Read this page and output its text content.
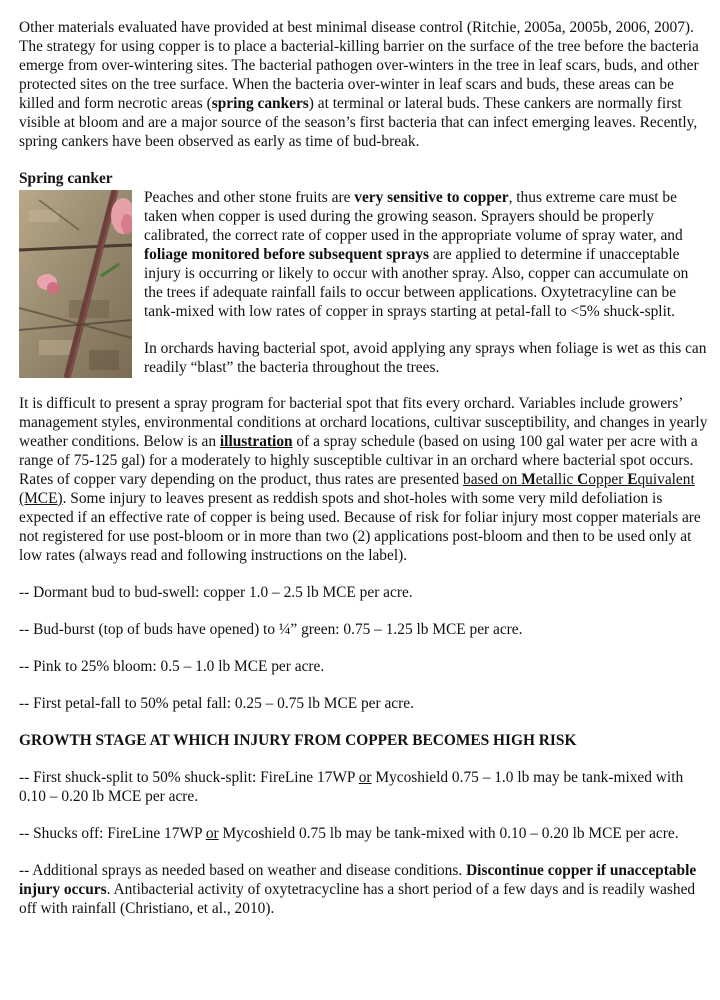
Other materials evaluated have provided at best minimal disease control (Ritchie, 2005a, 2005b, 2006, 2007). The strategy for using copper is to place a bacterial-killing barrier on the surface of the tree before the bacteria emerge from over-wintering sites. The bacterial pathogen over-winters in the tree in leaf scars, buds, and other protected sites on the tree surface. When the bacteria over-winter in leaf scars and buds, these areas can be killed and form necrotic areas (spring cankers) at terminal or lateral buds. These cankers are normally first visible at bloom and are a major source of the season’s first bacteria that can infect emerging leaves. Recently, spring cankers have been observed as early as time of bud-break.

Spring canker

Peaches and other stone fruits are very sensitive to copper, thus extreme care must be taken when copper is used during the growing season. Sprayers should be properly calibrated, the correct rate of copper used in the appropriate volume of spray water, and foliage monitored before subsequent sprays are applied to determine if unacceptable injury is occurring or likely to occur with another spray. Also, copper can accumulate on the trees if adequate rainfall fails to occur between applications. Oxytetracyline can be tank-mixed with low rates of copper in sprays starting at petal-fall to <5% shuck-split.

In orchards having bacterial spot, avoid applying any sprays when foliage is wet as this can readily “blast” the bacteria throughout the trees.

It is difficult to present a spray program for bacterial spot that fits every orchard. Variables include growers’ management styles, environmental conditions at orchard locations, cultivar susceptibility, and changes in yearly weather conditions. Below is an illustration of a spray schedule (based on using 100 gal water per acre with a range of 75-125 gal) for a moderately to highly susceptible cultivar in an orchard where bacterial spot occurs. Rates of copper vary depending on the product, thus rates are presented based on Metallic Copper Equivalent (MCE). Some injury to leaves present as reddish spots and shot-holes with some very mild defoliation is expected if an effective rate of copper is being used. Because of risk for foliar injury most copper materials are not registered for use post-bloom or in more than two (2) applications post-bloom and then to be used only at low rates (always read and following instructions on the label).

-- Dormant bud to bud-swell: copper 1.0 – 2.5 lb MCE per acre.

-- Bud-burst (top of buds have opened) to ¼” green: 0.75 – 1.25 lb MCE per acre.

-- Pink to 25% bloom: 0.5 – 1.0 lb MCE per acre.

-- First petal-fall to 50% petal fall: 0.25 – 0.75 lb MCE per acre.

GROWTH STAGE AT WHICH INJURY FROM COPPER BECOMES HIGH RISK

-- First shuck-split to 50% shuck-split: FireLine 17WP or Mycoshield 0.75 – 1.0 lb may be tank-mixed with 0.10 – 0.20 lb MCE per acre.

-- Shucks off: FireLine 17WP or Mycoshield 0.75 lb may be tank-mixed with 0.10 – 0.20 lb MCE per acre.

-- Additional sprays as needed based on weather and disease conditions. Discontinue copper if unacceptable injury occurs. Antibacterial activity of oxytetracycline has a short period of a few days and is readily washed off with rainfall (Christiano, et al., 2010).
